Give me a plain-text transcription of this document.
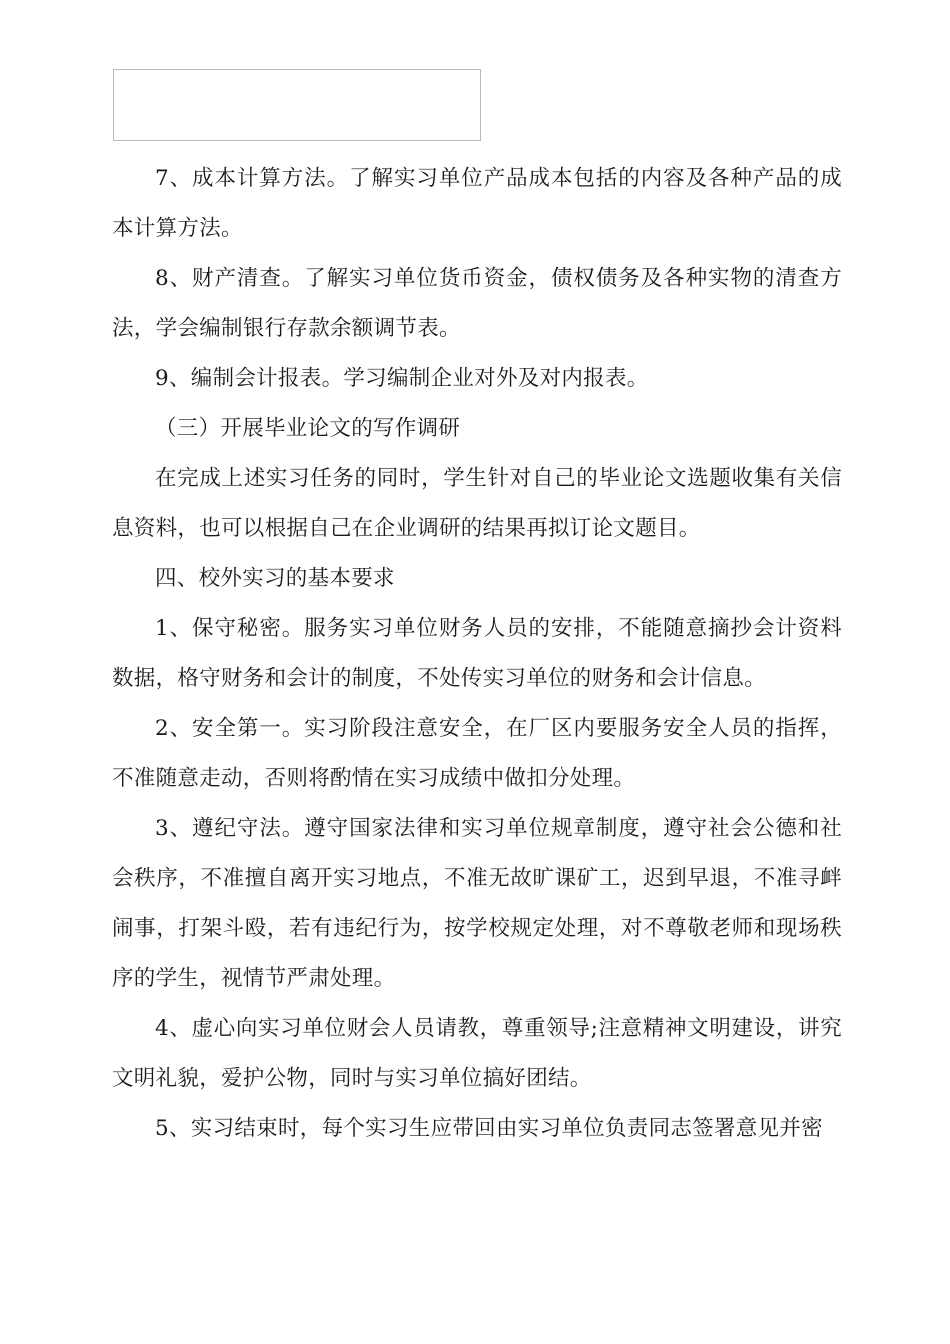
7、成本计算方法。了解实习单位产品成本包括的内容及各种产品的成本计算方法。

8、财产清查。了解实习单位货币资金，债权债务及各种实物的清查方法，学会编制银行存款余额调节表。

9、编制会计报表。学习编制企业对外及对内报表。

（三）开展毕业论文的写作调研

在完成上述实习任务的同时，学生针对自己的毕业论文选题收集有关信息资料，也可以根据自己在企业调研的结果再拟订论文题目。

四、校外实习的基本要求

1、保守秘密。服务实习单位财务人员的安排，不能随意摘抄会计资料数据，格守财务和会计的制度，不处传实习单位的财务和会计信息。

2、安全第一。实习阶段注意安全，在厂区内要服务安全人员的指挥，不准随意走动，否则将酌情在实习成绩中做扣分处理。

3、遵纪守法。遵守国家法律和实习单位规章制度，遵守社会公德和社会秩序，不准擅自离开实习地点，不准无故旷课矿工，迟到早退，不准寻衅闹事，打架斗殴，若有违纪行为，按学校规定处理，对不尊敬老师和现场秩序的学生，视情节严肃处理。

4、虚心向实习单位财会人员请教，尊重领导;注意精神文明建设，讲究文明礼貌，爱护公物，同时与实习单位搞好团结。

5、实习结束时，每个实习生应带回由实习单位负责同志签署意见并密
